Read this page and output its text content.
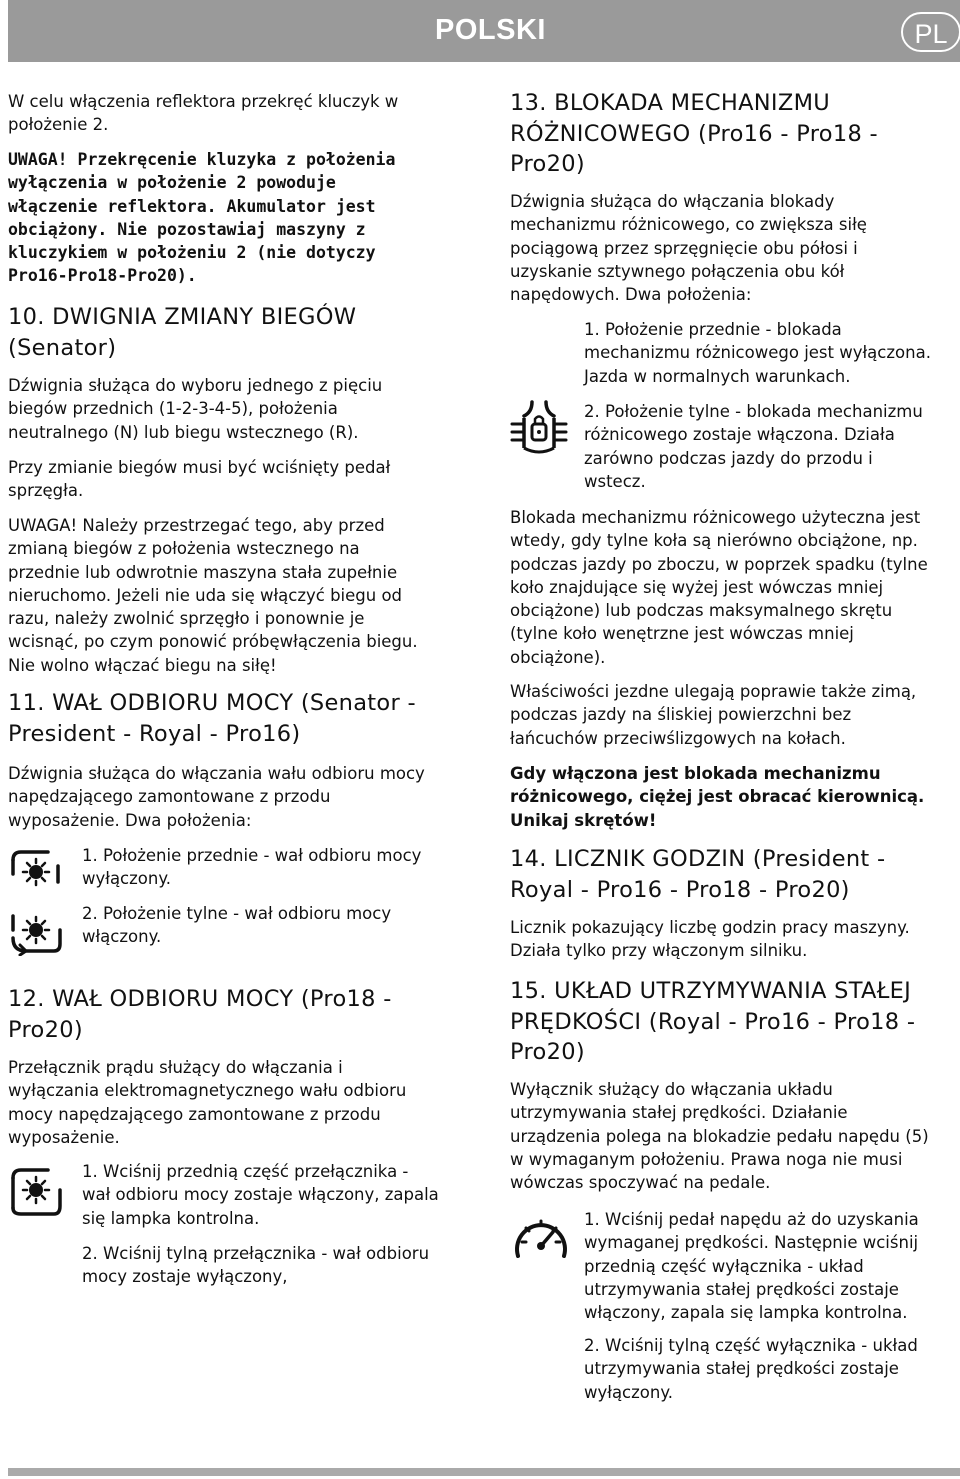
POLSKI	PL
W celu włączenia reflektora przekręć kluczyk w
położenie 2.
UWAGA! Przekręcenie kluzyka z położenia
wyłączenia w położenie 2 powoduje
włączenie reflektora. Akumulator jest
obciążony. Nie pozostawiaj maszyny z
kluczykiem w położeniu 2 (nie dotyczy
Pro16-Pro18-Pro20).
10. DWIGNIA ZMIANY BIEGÓW
(Senator)
Dźwignia służąca do wyboru jednego z pięciu
biegów przednich (1-2-3-4-5), położenia
neutralnego (N) lub biegu wstecznego (R).
Przy zmianie biegów musi być wciśnięty pedał
sprzęgła.
UWAGA! Należy przestrzegać tego, aby przed
zmianą biegów z położenia wstecznego na
przednie lub odwrotnie maszyna stała zupełnie
nieruchomo. Jeżeli nie uda się włączyć biegu od
razu, należy zwolnić sprzęgło i ponownie je
wcisnąć, po czym ponowić próbęwłączenia biegu.
Nie wolno włączać biegu na siłę!
11. WAŁ ODBIORU MOCY (Senator -
President - Royal - Pro16)
Dźwignia służąca do włączania wału odbioru mocy
napędzającego zamontowane z przodu
wyposażenie. Dwa położenia:
1. Położenie przednie - wał odbioru mocy
wyłączony.
2. Położenie tylne - wał odbioru mocy
włączony.
12. WAŁ ODBIORU MOCY (Pro18 -
Pro20)
Przełącznik prądu służący do włączania i
wyłączania elektromagnetycznego wału odbioru
mocy napędzającego zamontowane z przodu
wyposażenie.
1. Wciśnij przednią część przełącznika -
wał odbioru mocy zostaje włączony, zapala
się lampka kontrolna.
2. Wciśnij tylną przełącznika - wał odbioru
mocy zostaje wyłączony,
13. BLOKADA MECHANIZMU
RÓŻNICOWEGO (Pro16 - Pro18 -
Pro20)
Dźwignia służąca do włączania blokady
mechanizmu różnicowego, co zwiększa siłę
pociągową przez sprzęgnięcie obu półosi i
uzyskanie sztywnego połączenia obu kół
napędowych. Dwa położenia:
1. Położenie przednie - blokada
mechanizmu różnicowego jest wyłączona.
Jazda w normalnych warunkach.
2. Położenie tylne - blokada mechanizmu
różnicowego zostaje włączona. Działa
zarówno podczas jazdy do przodu i
wstecz.
Blokada mechanizmu różnicowego użyteczna jest
wtedy, gdy tylne koła są nierówno obciążone, np.
podczas jazdy po zboczu, w poprzek spadku (tylne
koło znajdujące się wyżej jest wówczas mniej
obciążone) lub podczas maksymalnego skrętu
(tylne koło wenętrzne jest wówczas mniej
obciążone).
Właściwości jezdne ulegają poprawie także zimą,
podczas jazdy na śliskiej powierzchni bez
łańcuchów przeciwślizgowych na kołach.
Gdy włączona jest blokada mechanizmu
różnicowego, ciężej jest obracać kierownicą.
Unikaj skrętów!
14. LICZNIK GODZIN (President -
Royal - Pro16 - Pro18 - Pro20)
Licznik pokazujący liczbę godzin pracy maszyny.
Działa tylko przy włączonym silniku.
15. UKŁAD UTRZYMYWANIA STAŁEJ
PRĘDKOŚCI (Royal - Pro16 - Pro18 -
Pro20)
Wyłącznik służący do włączania układu
utrzymywania stałej prędkości. Działanie
urządzenia polega na blokadzie pedału napędu (5)
w wymaganym położeniu. Prawa noga nie musi
wówczas spoczywać na pedale.
1. Wciśnij pedał napędu aż do uzyskania
wymaganej prędkości. Następnie wciśnij
przednią część wyłącznika - układ
utrzymywania stałej prędkości zostaje
włączony, zapala się lampka kontrolna.
2. Wciśnij tylną część wyłącznika - układ
utrzymywania stałej prędkości zostaje
wyłączony.
